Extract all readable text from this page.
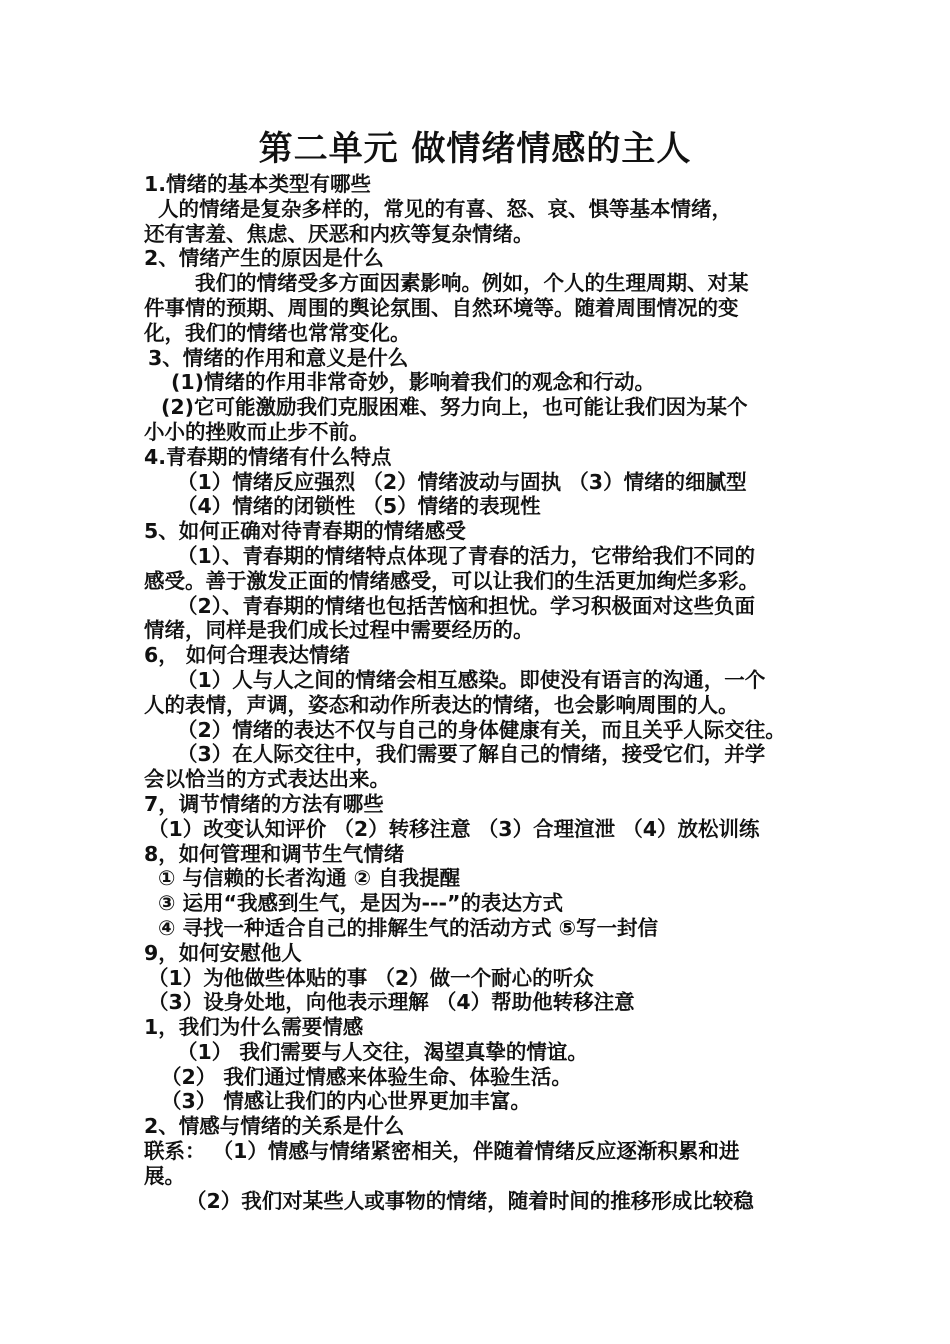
第二单元 做情绪情感的主人
1.情绪的基本类型有哪些
人的情绪是复杂多样的，常见的有喜、怒、哀、惧等基本情绪，
还有害羞、焦虑、厌恶和内疚等复杂情绪。
2、情绪产生的原因是什么
我们的情绪受多方面因素影响。例如，个人的生理周期、对某
件事情的预期、周围的舆论氛围、自然环境等。随着周围情况的变
化，我们的情绪也常常变化。
3、情绪的作用和意义是什么
(1)情绪的作用非常奇妙，影响着我们的观念和行动。
(2)它可能激励我们克服困难、努力向上，也可能让我们因为某个
小小的挫败而止步不前。
4.青春期的情绪有什么特点
（1）情绪反应强烈 （2）情绪波动与固执 （3）情绪的细腻型
（4）情绪的闭锁性 （5）情绪的表现性
5、如何正确对待青春期的情绪感受
（1）、青春期的情绪特点体现了青春的活力，它带给我们不同的
感受。善于激发正面的情绪感受，可以让我们的生活更加绚烂多彩。
（2）、青春期的情绪也包括苦恼和担忧。学习积极面对这些负面
情绪，同样是我们成长过程中需要经历的。
6， 如何合理表达情绪
（1）人与人之间的情绪会相互感染。即使没有语言的沟通，一个
人的表情，声调，姿态和动作所表达的情绪，也会影响周围的人。
（2）情绪的表达不仅与自己的身体健康有关，而且关乎人际交往。
（3）在人际交往中，我们需要了解自己的情绪，接受它们，并学
会以恰当的方式表达出来。
7，调节情绪的方法有哪些
（1）改变认知评价 （2）转移注意 （3）合理渲泄 （4）放松训练
8，如何管理和调节生气情绪
① 与信赖的长者沟通 ② 自我提醒
③ 运用“我感到生气，是因为---”的表达方式
④ 寻找一种适合自己的排解生气的活动方式 ⑤写一封信
9，如何安慰他人
（1）为他做些体贴的事 （2）做一个耐心的听众
（3）设身处地，向他表示理解 （4）帮助他转移注意
1，我们为什么需要情感
（1） 我们需要与人交往，渴望真挚的情谊。
（2） 我们通过情感来体验生命、体验生活。
（3） 情感让我们的内心世界更加丰富。
2、情感与情绪的关系是什么
联系： （1）情感与情绪紧密相关，伴随着情绪反应逐渐积累和进
展。
（2）我们对某些人或事物的情绪，随着时间的推移形成比较稳
